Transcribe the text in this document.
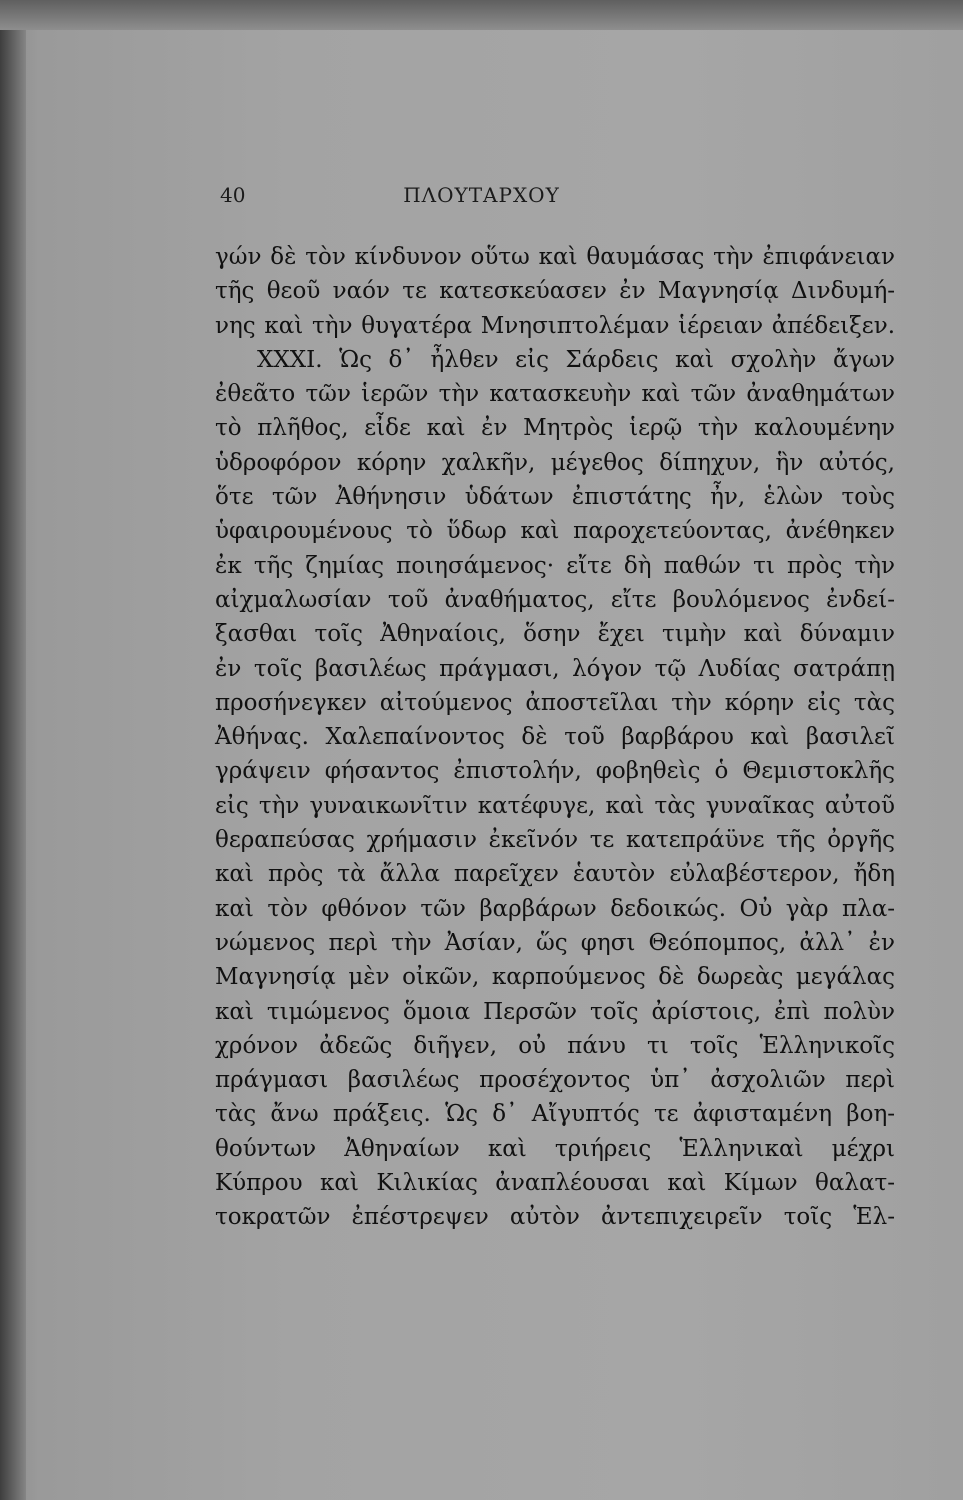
40	ΠΛΟΥΤΑΡΧΟΥ
γών δὲ τὸν κίνδυνον οὕτω καὶ θαυμάσας τὴν ἐπιφάνειαν
τῆς θεοῦ ναόν τε κατεσκεύασεν ἐν Μαγνησίᾳ Δινδυμή-
νης καὶ τὴν θυγατέρα Μνησιπτολέμαν ἱέρειαν ἀπέδειξεν.
XXXI. Ὡς δ᾽ ἦλθεν εἰς Σάρδεις καὶ σχολὴν ἄγων
ἐθεᾶτο τῶν ἱερῶν τὴν κατασκευὴν καὶ τῶν ἀναθημάτων
τὸ πλῆθος, εἶδε καὶ ἐν Μητρὸς ἱερῷ τὴν καλουμένην
ὑδροφόρον κόρην χαλκῆν, μέγεθος δίπηχυν, ἣν αὐτός,
ὅτε τῶν Ἀθήνησιν ὑδάτων ἐπιστάτης ἦν, ἑλὼν τοὺς
ὑφαιρουμένους τὸ ὕδωρ καὶ παροχετεύοντας, ἀνέθηκεν
ἐκ τῆς ζημίας ποιησάμενος· εἴτε δὴ παθών τι πρὸς τὴν
αἰχμαλωσίαν τοῦ ἀναθήματος, εἴτε βουλόμενος ἐνδεί-
ξασθαι τοῖς Ἀθηναίοις, ὅσην ἔχει τιμὴν καὶ δύναμιν
ἐν τοῖς βασιλέως πράγμασι, λόγον τῷ Λυδίας σατράπῃ
προσήνεγκεν αἰτούμενος ἀποστεῖλαι τὴν κόρην εἰς τὰς
Ἀθήνας. Χαλεπαίνοντος δὲ τοῦ βαρβάρου καὶ βασιλεῖ
γράψειν φήσαντος ἐπιστολήν, φοβηθεὶς ὁ Θεμιστοκλῆς
εἰς τὴν γυναικωνῖτιν κατέφυγε, καὶ τὰς γυναῖκας αὐτοῦ
θεραπεύσας χρήμασιν ἐκεῖνόν τε κατεπράϋνε τῆς ὀργῆς
καὶ πρὸς τὰ ἄλλα παρεῖχεν ἑαυτὸν εὐλαβέστερον, ἤδη
καὶ τὸν φθόνον τῶν βαρβάρων δεδοικώς. Οὐ γὰρ πλα-
νώμενος περὶ τὴν Ἀσίαν, ὥς φησι Θεόπομπος, ἀλλ᾽ ἐν
Μαγνησίᾳ μὲν οἰκῶν, καρπούμενος δὲ δωρεὰς μεγάλας
καὶ τιμώμενος ὅμοια Περσῶν τοῖς ἀρίστοις, ἐπὶ πολὺν
χρόνον ἀδεῶς διῆγεν, οὐ πάνυ τι τοῖς Ἑλληνικοῖς
πράγμασι βασιλέως προσέχοντος ὑπ᾽ ἀσχολιῶν περὶ
τὰς ἄνω πράξεις. Ὡς δ᾽ Αἴγυπτός τε ἀφισταμένη βοη-
θούντων Ἀθηναίων καὶ τριήρεις Ἑλληνικαὶ μέχρι
Κύπρου καὶ Κιλικίας ἀναπλέουσαι καὶ Κίμων θαλατ-
τοκρατῶν ἐπέστρεψεν αὐτὸν ἀντεπιχειρεῖν τοῖς Ἑλ-
